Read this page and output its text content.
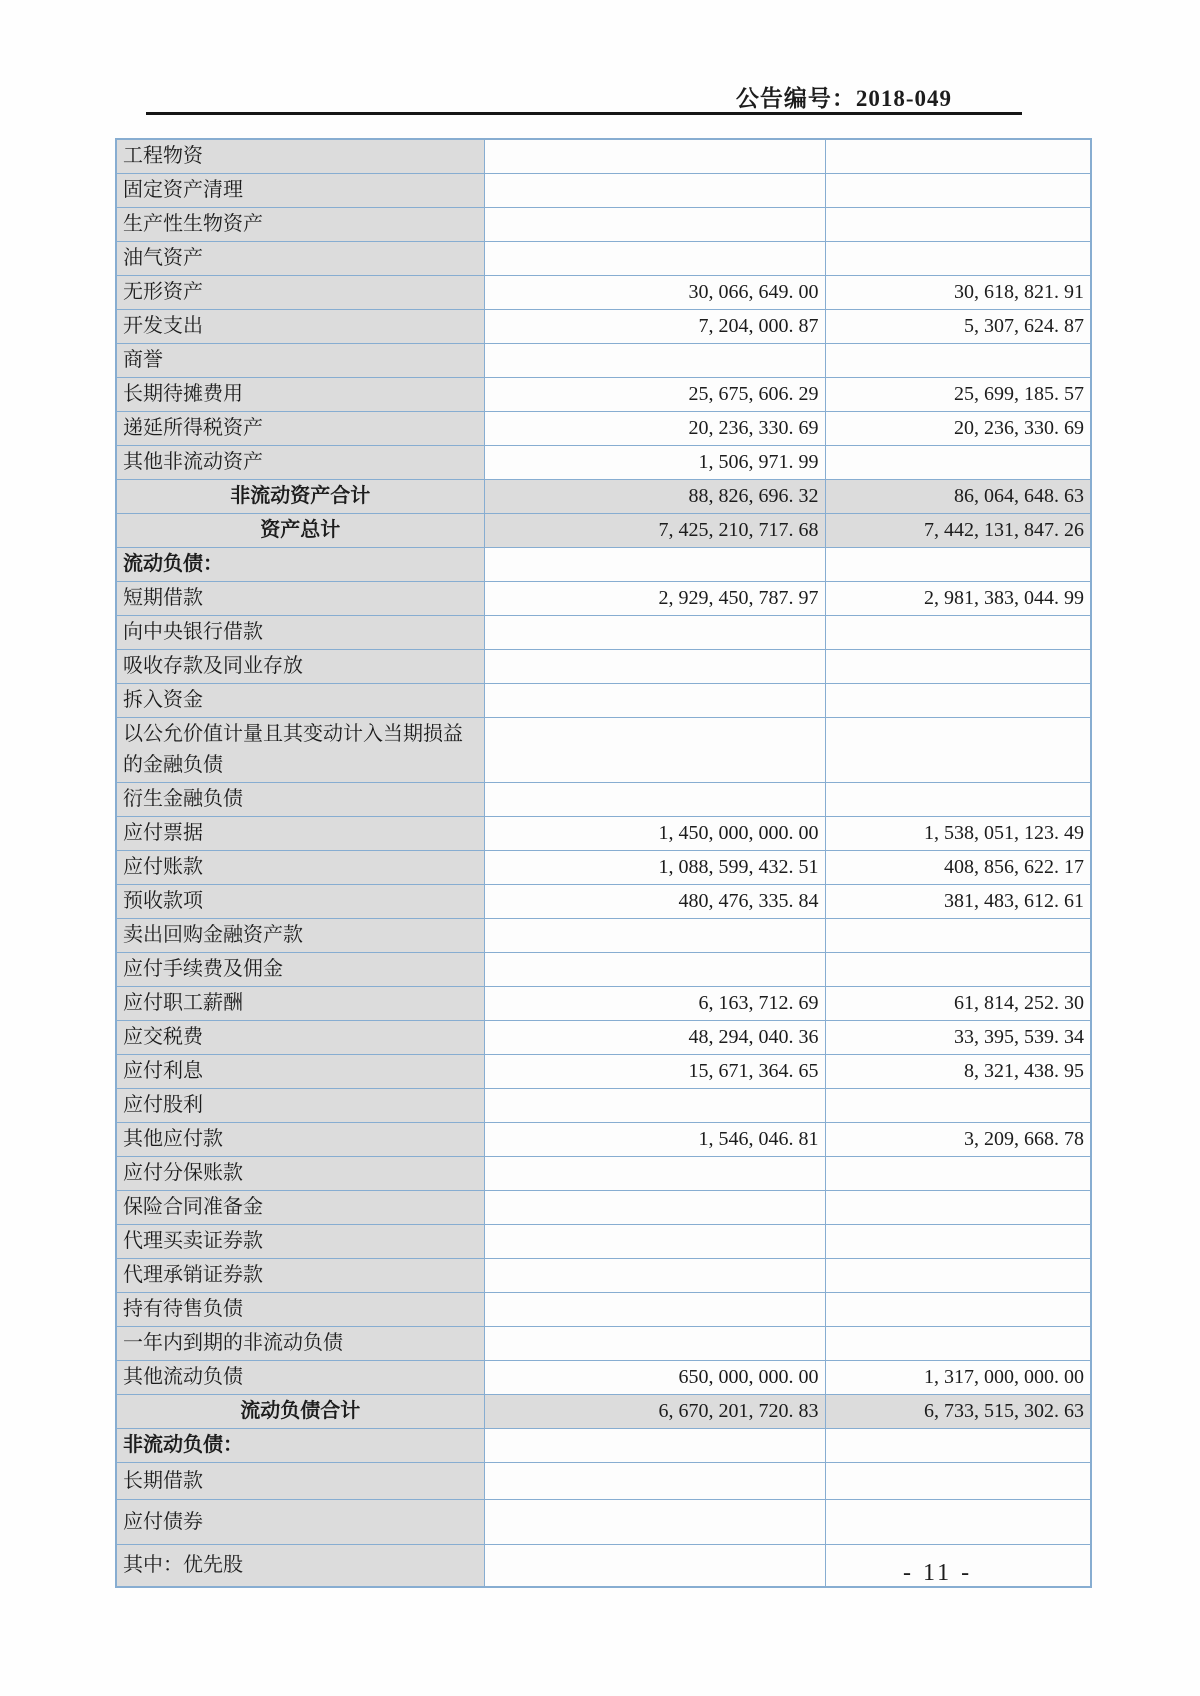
公告编号：2018-049
工程物资		
固定资产清理		
生产性生物资产		
油气资产		
无形资产	30, 066, 649. 00	30, 618, 821. 91
开发支出	7, 204, 000. 87	5, 307, 624. 87
商誉		
长期待摊费用	25, 675, 606. 29	25, 699, 185. 57
递延所得税资产	20, 236, 330. 69	20, 236, 330. 69
其他非流动资产	1, 506, 971. 99	
非流动资产合计	88, 826, 696. 32	86, 064, 648. 63
资产总计	7, 425, 210, 717. 68	7, 442, 131, 847. 26
流动负债：		
短期借款	2, 929, 450, 787. 97	2, 981, 383, 044. 99
向中央银行借款		
吸收存款及同业存放		
拆入资金		
以公允价值计量且其变动计入当期损益的金融负债		
衍生金融负债		
应付票据	1, 450, 000, 000. 00	1, 538, 051, 123. 49
应付账款	1, 088, 599, 432. 51	408, 856, 622. 17
预收款项	480, 476, 335. 84	381, 483, 612. 61
卖出回购金融资产款		
应付手续费及佣金		
应付职工薪酬	6, 163, 712. 69	61, 814, 252. 30
应交税费	48, 294, 040. 36	33, 395, 539. 34
应付利息	15, 671, 364. 65	8, 321, 438. 95
应付股利		
其他应付款	1, 546, 046. 81	3, 209, 668. 78
应付分保账款		
保险合同准备金		
代理买卖证券款		
代理承销证券款		
持有待售负债		
一年内到期的非流动负债		
其他流动负债	650, 000, 000. 00	1, 317, 000, 000. 00
流动负债合计	6, 670, 201, 720. 83	6, 733, 515, 302. 63
非流动负债：		
长期借款		
应付债券		
其中：优先股			- 11 -
